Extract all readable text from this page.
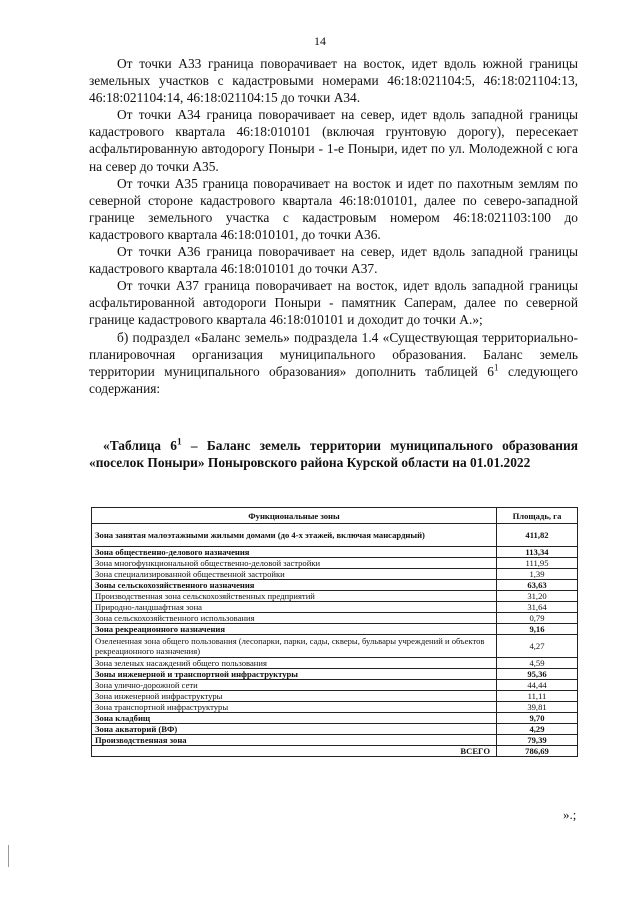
14

От точки А33 граница поворачивает на восток, идет вдоль южной границы земельных участков с кадастровыми номерами 46:18:021104:5, 46:18:021104:13, 46:18:021104:14, 46:18:021104:15 до точки А34.

От точки А34 граница поворачивает на север, идет вдоль западной границы кадастрового квартала 46:18:010101 (включая грунтовую дорогу), пересекает асфальтированную автодорогу Поныри - 1-е Поныри, идет по ул. Молодежной с юга на север до точки А35.

От точки А35 граница поворачивает на восток и идет по пахотным землям по северной стороне кадастрового квартала 46:18:010101, далее по северо-западной границе земельного участка с кадастровым номером 46:18:021103:100 до кадастрового квартала 46:18:010101, до точки А36.

От точки А36 граница поворачивает на север, идет вдоль западной границы кадастрового квартала 46:18:010101 до точки А37.

От точки А37 граница поворачивает на восток, идет вдоль западной границы асфальтированной автодороги Поныри - памятник Саперам, далее по северной границе кадастрового квартала 46:18:010101 и доходит до точки А.»;

б) подраздел «Баланс земель» подраздела 1.4 «Существующая территориально-планировочная организация муниципального образования. Баланс земель территории муниципального образования» дополнить таблицей $6^1$ следующего содержания:

«Таблица $6^1$ – Баланс земель территории муниципального образования «поселок Поныри» Поныровского района Курской области на 01.01.2022
Функциональные зоны	Площадь, га
Зона занятая малоэтажными жилыми домами (до 4-х этажей, включая мансардный)	411,82
Зона общественно-делового назначения	113,34
Зона многофункциональной общественно-деловой застройки	111,95
Зона специализированной общественной застройки	1,39
Зоны сельскохозяйственного назначения	63,63
Производственная зона сельскохозяйственных предприятий	31,20
Природно-ландшафтная зона	31,64
Зона сельскохозяйственного использования	0,79
Зона рекреационного назначения	9,16
Озелененная зона общего пользования (лесопарки, парки, сады, скверы, бульвары учреждений и объектов рекреационного назначения)	4,27
Зона зеленых насаждений общего пользования	4,59
Зоны инженерной и транспортной инфраструктуры	95,36
Зона улично-дорожной сети	44,44
Зона инженерной инфраструктуры	11,11
Зона транспортной инфраструктуры	39,81
Зона кладбищ	9,70
Зона акваторий (ВФ)	4,29
Производственная зона	79,39
ВСЕГО	786,69
».;
